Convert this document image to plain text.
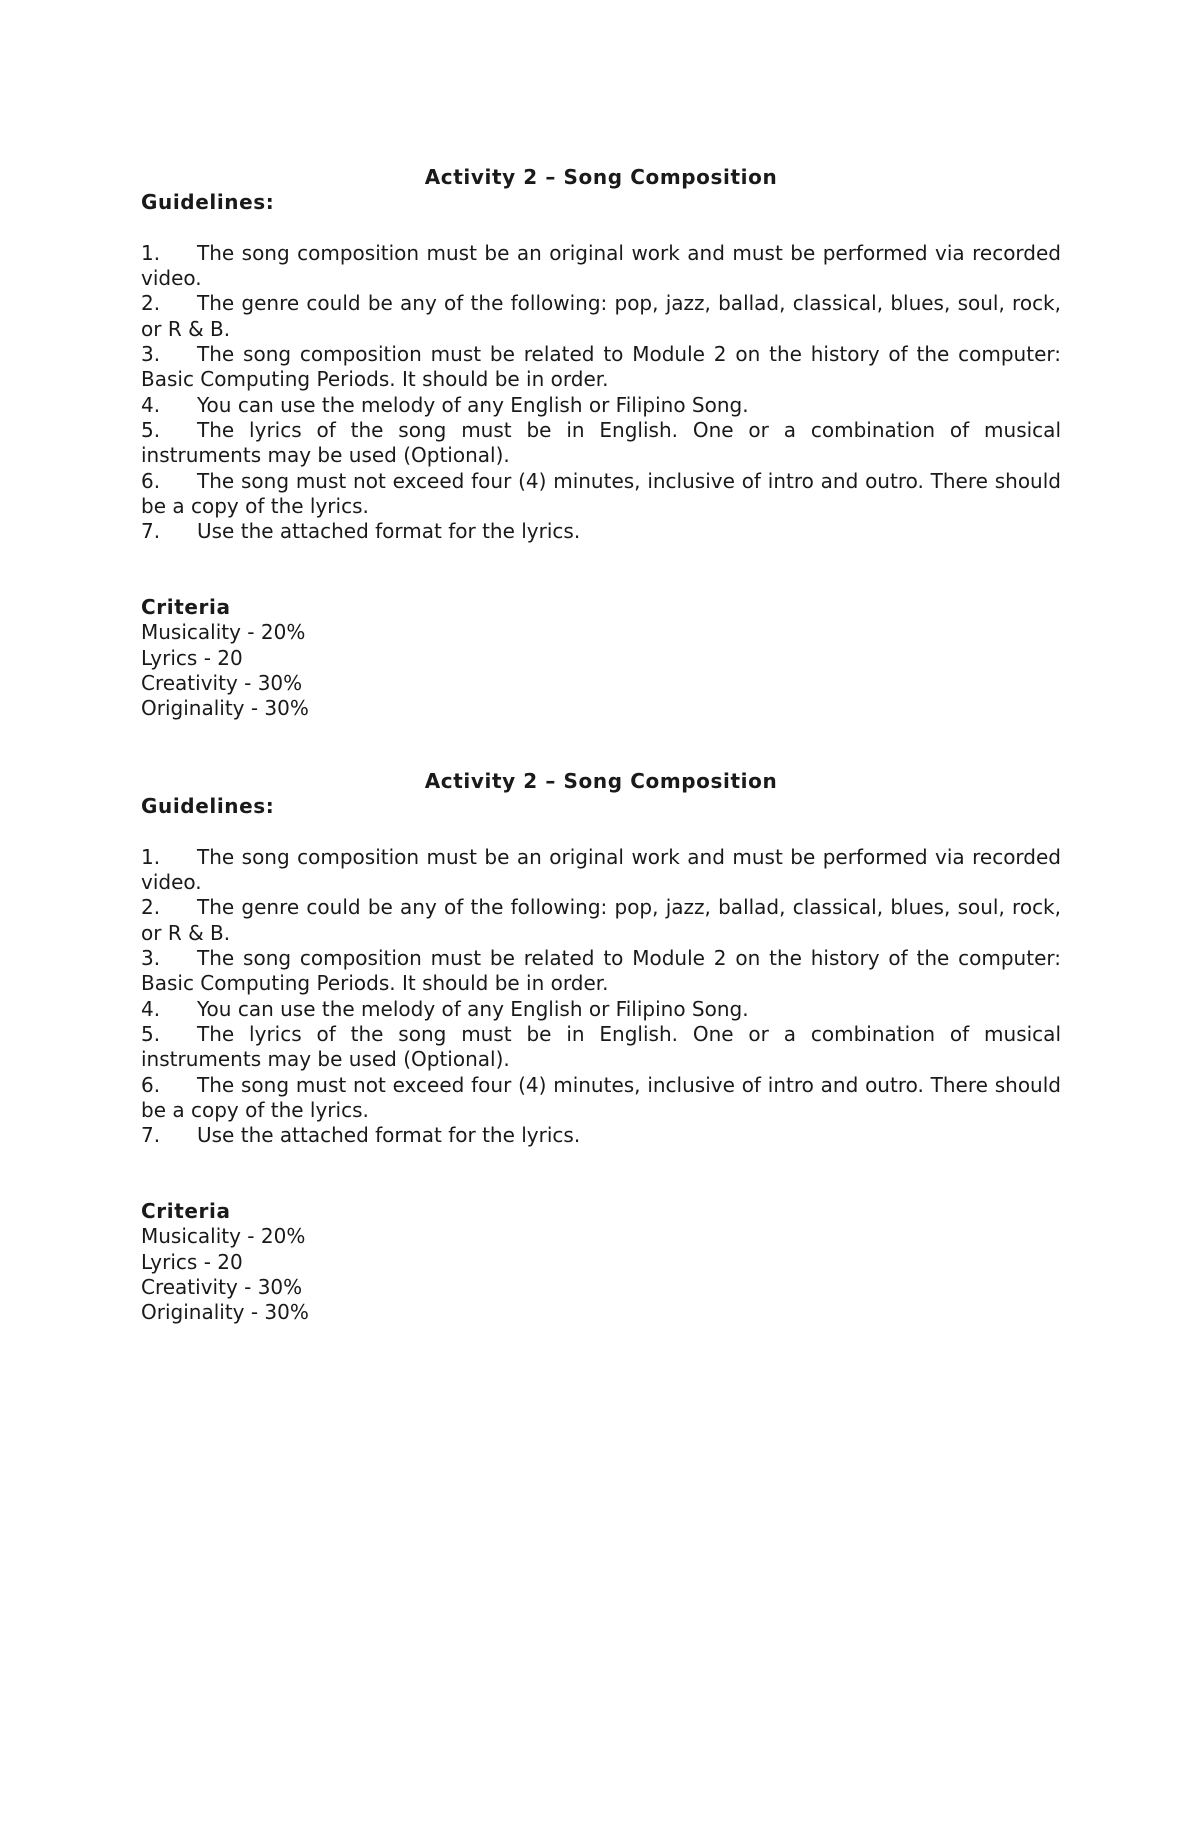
Activity 2 – Song Composition

Guidelines:

1. The song composition must be an original work and must be performed via recorded video.

2. The genre could be any of the following: pop, jazz, ballad, classical, blues, soul, rock, or R & B.

3. The song composition must be related to Module 2 on the history of the computer: Basic Computing Periods. It should be in order.

4. You can use the melody of any English or Filipino Song.

5. The lyrics of the song must be in English. One or a combination of musical instruments may be used (Optional).

6. The song must not exceed four (4) minutes, inclusive of intro and outro. There should be a copy of the lyrics.

7. Use the attached format for the lyrics.

Criteria

Musicality - 20%

Lyrics - 20

Creativity - 30%

Originality - 30%

Activity 2 – Song Composition

Guidelines:

1. The song composition must be an original work and must be performed via recorded video.

2. The genre could be any of the following: pop, jazz, ballad, classical, blues, soul, rock, or R & B.

3. The song composition must be related to Module 2 on the history of the computer: Basic Computing Periods. It should be in order.

4. You can use the melody of any English or Filipino Song.

5. The lyrics of the song must be in English. One or a combination of musical instruments may be used (Optional).

6. The song must not exceed four (4) minutes, inclusive of intro and outro. There should be a copy of the lyrics.

7. Use the attached format for the lyrics.

Criteria

Musicality - 20%

Lyrics - 20

Creativity - 30%

Originality - 30%
